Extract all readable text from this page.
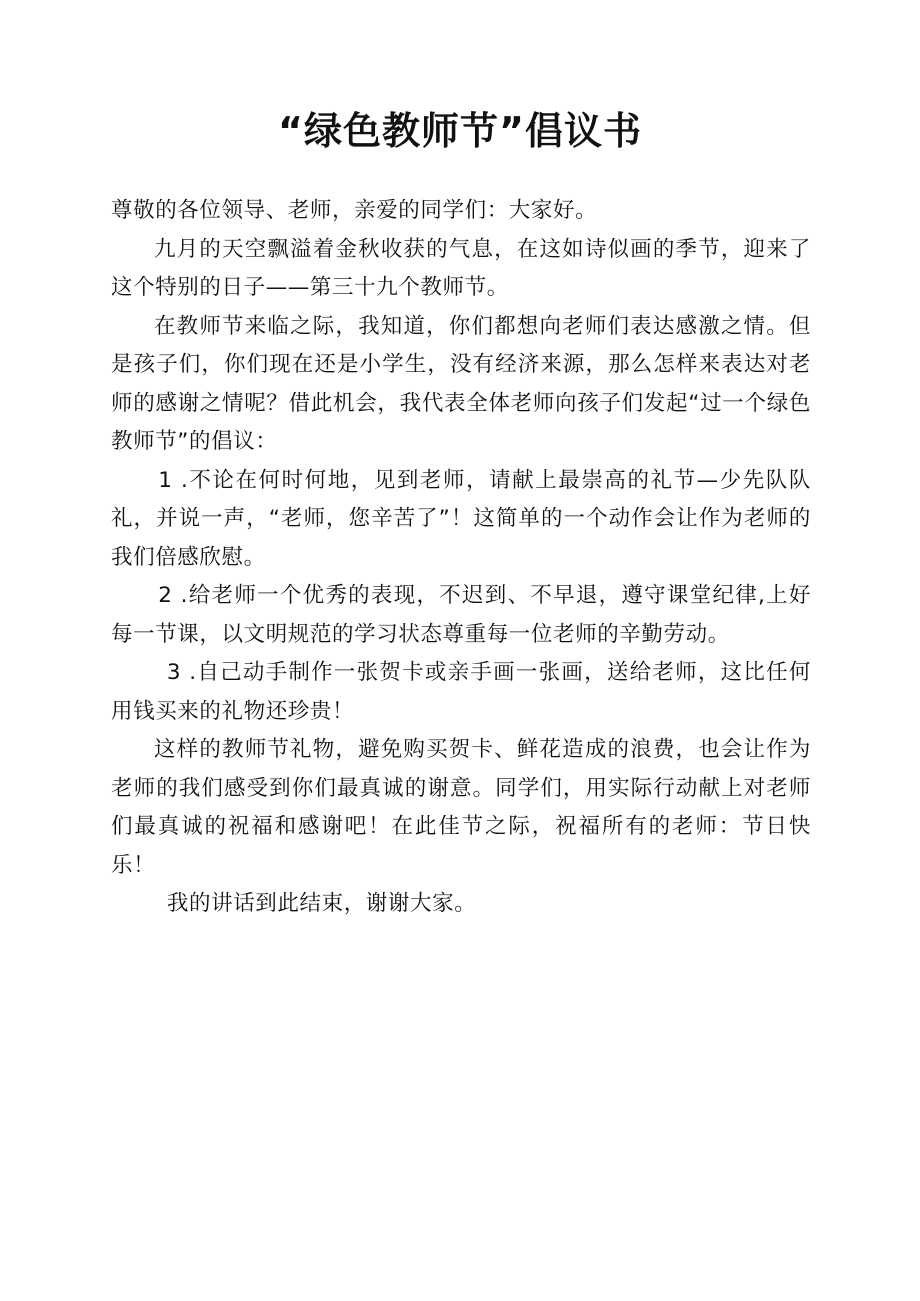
“绿色教师节”倡议书

尊敬的各位领导、老师，亲爱的同学们：大家好。

九月的天空飘溢着金秋收获的气息，在这如诗似画的季节，迎来了这个特别的日子——第三十九个教师节。

在教师节来临之际，我知道，你们都想向老师们表达感激之情。但是孩子们，你们现在还是小学生，没有经济来源，那么怎样来表达对老师的感谢之情呢？借此机会，我代表全体老师向孩子们发起“过一个绿色教师节”的倡议：

1 .不论在何时何地，见到老师，请献上最崇高的礼节—少先队队礼，并说一声，“老师，您辛苦了”！这简单的一个动作会让作为老师的我们倍感欣慰。

2 .给老师一个优秀的表现，不迟到、不早退，遵守课堂纪律,上好每一节课，以文明规范的学习状态尊重每一位老师的辛勤劳动。

3 .自己动手制作一张贺卡或亲手画一张画，送给老师，这比任何用钱买来的礼物还珍贵！

这样的教师节礼物，避免购买贺卡、鲜花造成的浪费，也会让作为老师的我们感受到你们最真诚的谢意。同学们，用实际行动献上对老师们最真诚的祝福和感谢吧！在此佳节之际，祝福所有的老师：节日快乐！

我的讲话到此结束，谢谢大家。
